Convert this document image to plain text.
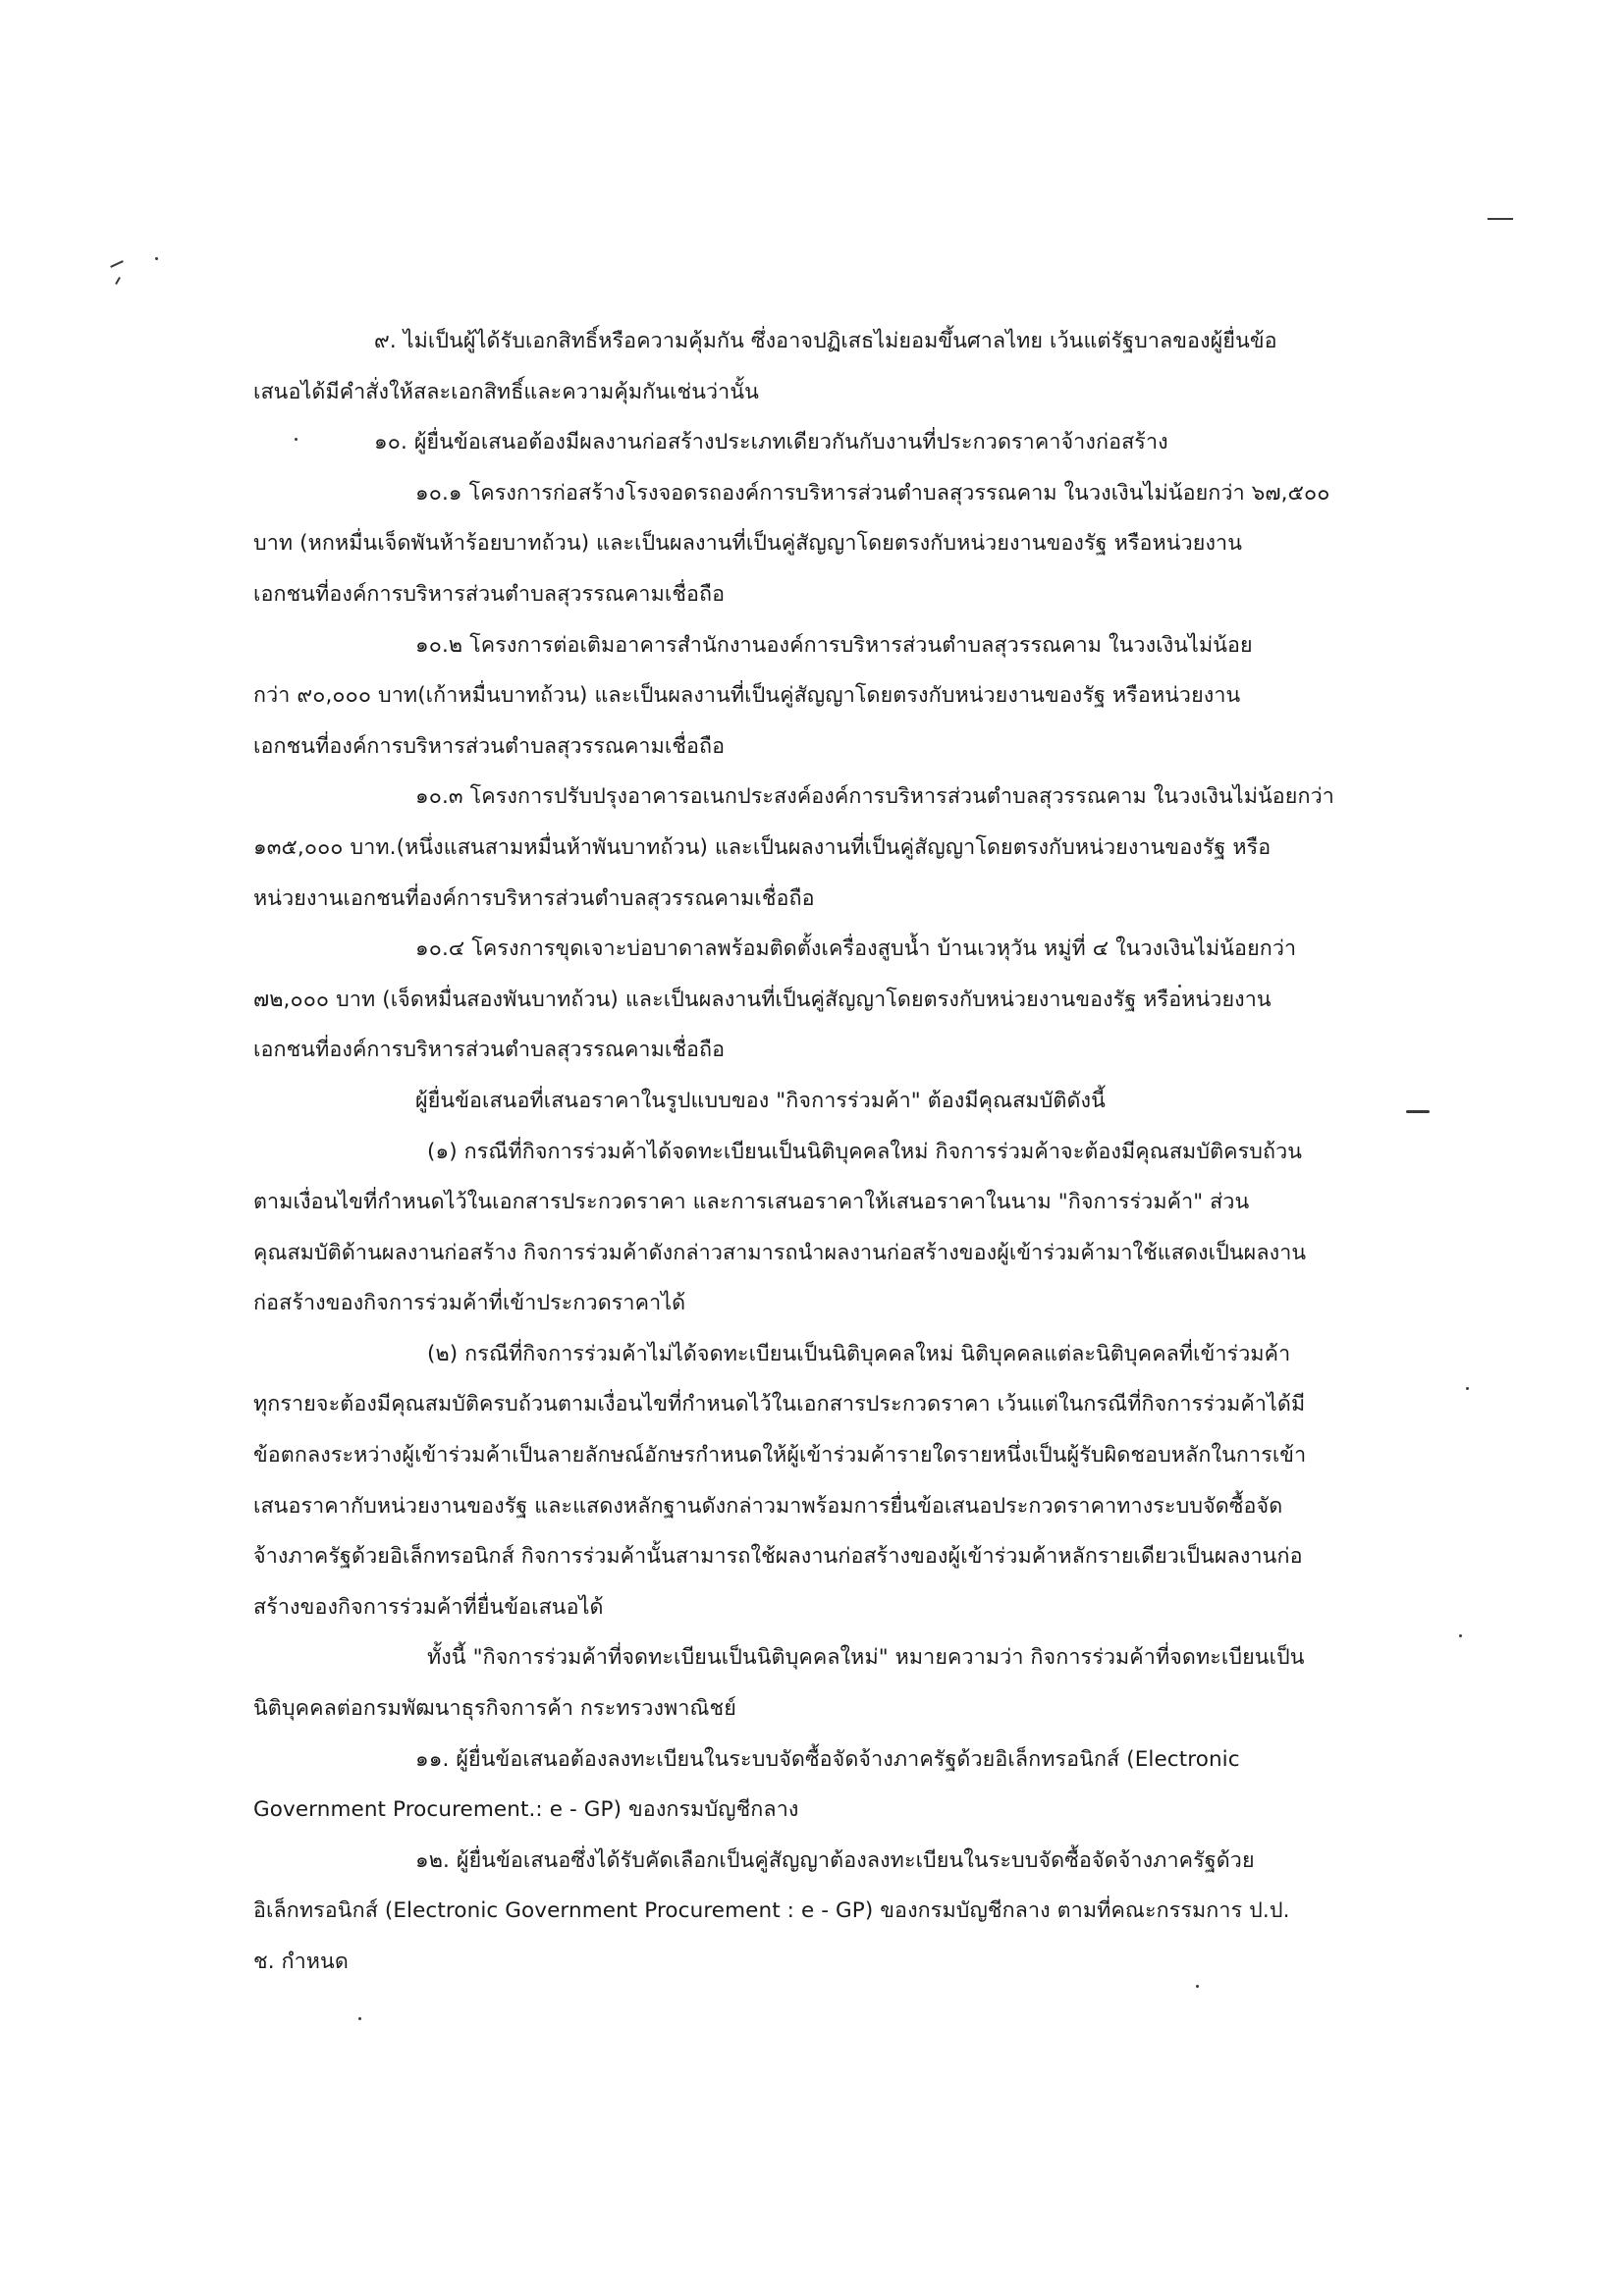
๙. ไม่เป็นผู้ได้รับเอกสิทธิ์หรือความคุ้มกัน ซึ่งอาจปฏิเสธไม่ยอมขึ้นศาลไทย เว้นแต่รัฐบาลของผู้ยื่นข้อ
เสนอได้มีคำสั่งให้สละเอกสิทธิ์และความคุ้มกันเช่นว่านั้น
๑๐. ผู้ยื่นข้อเสนอต้องมีผลงานก่อสร้างประเภทเดียวกันกับงานที่ประกวดราคาจ้างก่อสร้าง
๑๐.๑ โครงการก่อสร้างโรงจอดรถองค์การบริหารส่วนตำบลสุวรรณคาม ในวงเงินไม่น้อยกว่า ๖๗,๕๐๐
บาท (หกหมื่นเจ็ดพันห้าร้อยบาทถ้วน) และเป็นผลงานที่เป็นคู่สัญญาโดยตรงกับหน่วยงานของรัฐ หรือหน่วยงาน
เอกชนที่องค์การบริหารส่วนตำบลสุวรรณคามเชื่อถือ
๑๐.๒ โครงการต่อเติมอาคารสำนักงานองค์การบริหารส่วนตำบลสุวรรณคาม ในวงเงินไม่น้อย
กว่า ๙๐,๐๐๐ บาท(เก้าหมื่นบาทถ้วน) และเป็นผลงานที่เป็นคู่สัญญาโดยตรงกับหน่วยงานของรัฐ หรือหน่วยงาน
เอกชนที่องค์การบริหารส่วนตำบลสุวรรณคามเชื่อถือ
๑๐.๓ โครงการปรับปรุงอาคารอเนกประสงค์องค์การบริหารส่วนตำบลสุวรรณคาม ในวงเงินไม่น้อยกว่า
๑๓๕,๐๐๐ บาท.(หนึ่งแสนสามหมื่นห้าพันบาทถ้วน) และเป็นผลงานที่เป็นคู่สัญญาโดยตรงกับหน่วยงานของรัฐ หรือ
หน่วยงานเอกชนที่องค์การบริหารส่วนตำบลสุวรรณคามเชื่อถือ
๑๐.๔ โครงการขุดเจาะบ่อบาดาลพร้อมติดตั้งเครื่องสูบน้ำ บ้านเวหุวัน หมู่ที่ ๔ ในวงเงินไม่น้อยกว่า
๗๒,๐๐๐ บาท (เจ็ดหมื่นสองพันบาทถ้วน) และเป็นผลงานที่เป็นคู่สัญญาโดยตรงกับหน่วยงานของรัฐ หรือหน่วยงาน
เอกชนที่องค์การบริหารส่วนตำบลสุวรรณคามเชื่อถือ
ผู้ยื่นข้อเสนอที่เสนอราคาในรูปแบบของ "กิจการร่วมค้า" ต้องมีคุณสมบัติดังนี้
(๑) กรณีที่กิจการร่วมค้าได้จดทะเบียนเป็นนิติบุคคลใหม่ กิจการร่วมค้าจะต้องมีคุณสมบัติครบถ้วน
ตามเงื่อนไขที่กำหนดไว้ในเอกสารประกวดราคา และการเสนอราคาให้เสนอราคาในนาม "กิจการร่วมค้า" ส่วน
คุณสมบัติด้านผลงานก่อสร้าง กิจการร่วมค้าดังกล่าวสามารถนำผลงานก่อสร้างของผู้เข้าร่วมค้ามาใช้แสดงเป็นผลงาน
ก่อสร้างของกิจการร่วมค้าที่เข้าประกวดราคาได้
(๒) กรณีที่กิจการร่วมค้าไม่ได้จดทะเบียนเป็นนิติบุคคลใหม่ นิติบุคคลแต่ละนิติบุคคลที่เข้าร่วมค้า
ทุกรายจะต้องมีคุณสมบัติครบถ้วนตามเงื่อนไขที่กำหนดไว้ในเอกสารประกวดราคา เว้นแต่ในกรณีที่กิจการร่วมค้าได้มี
ข้อตกลงระหว่างผู้เข้าร่วมค้าเป็นลายลักษณ์อักษรกำหนดให้ผู้เข้าร่วมค้ารายใดรายหนึ่งเป็นผู้รับผิดชอบหลักในการเข้า
เสนอราคากับหน่วยงานของรัฐ และแสดงหลักฐานดังกล่าวมาพร้อมการยื่นข้อเสนอประกวดราคาทางระบบจัดซื้อจัด
จ้างภาครัฐด้วยอิเล็กทรอนิกส์ กิจการร่วมค้านั้นสามารถใช้ผลงานก่อสร้างของผู้เข้าร่วมค้าหลักรายเดียวเป็นผลงานก่อ
สร้างของกิจการร่วมค้าที่ยื่นข้อเสนอได้
ทั้งนี้ "กิจการร่วมค้าที่จดทะเบียนเป็นนิติบุคคลใหม่" หมายความว่า กิจการร่วมค้าที่จดทะเบียนเป็น
นิติบุคคลต่อกรมพัฒนาธุรกิจการค้า กระทรวงพาณิชย์
๑๑. ผู้ยื่นข้อเสนอต้องลงทะเบียนในระบบจัดซื้อจัดจ้างภาครัฐด้วยอิเล็กทรอนิกส์ (Electronic
Government Procurement.: e - GP) ของกรมบัญชีกลาง
๑๒. ผู้ยื่นข้อเสนอซึ่งได้รับคัดเลือกเป็นคู่สัญญาต้องลงทะเบียนในระบบจัดซื้อจัดจ้างภาครัฐด้วย
อิเล็กทรอนิกส์ (Electronic Government Procurement : e - GP) ของกรมบัญชีกลาง ตามที่คณะกรรมการ ป.ป.
ช. กำหนด
